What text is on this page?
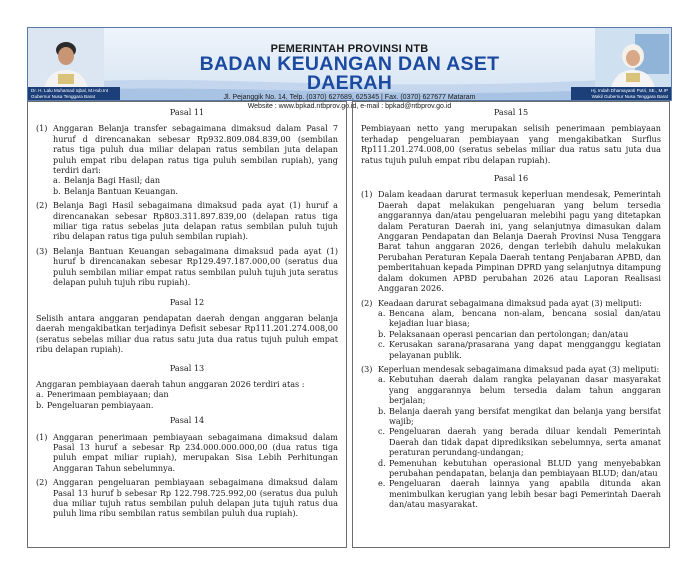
PEMERINTAH PROVINSI NTB
BADAN KEUANGAN DAN ASET DAERAH
Jl. Pejanggik No. 14, Telp. (0370) 627689, 625345 | Fax. (0370) 627677 Mataram
Website : www.bpkad.ntbprov.go.id, e-mail : bpkad@ntbprov.go.id
Dr. H. Lalu Muhamad Iqbal, M.Hub.Int
Gubernur Nusa Tenggara Barat
Hj. Indah Dhamayanti Putri, SE., M.IP
Wakil Gubernur Nusa Tenggara Barat
Pasal 11
(1) Anggaran Belanja transfer sebagaimana dimaksud dalam Pasal 7 huruf d direncanakan sebesar Rp932.809.084.839,00 (sembilan ratus tiga puluh dua miliar delapan ratus sembilan juta delapan puluh empat ribu delapan ratus tiga puluh sembilan rupiah), yang terdiri dari:
a. Belanja Bagi Hasil; dan
b. Belanja Bantuan Keuangan.
(2) Belanja Bagi Hasil sebagaimana dimaksud pada ayat (1) huruf a direncanakan sebesar Rp803.311.897.839,00 (delapan ratus tiga miliar tiga ratus sebelas juta delapan ratus sembilan puluh tujuh ribu delapan ratus tiga puluh sembilan rupiah).
(3) Belanja Bantuan Keuangan sebagaimana dimaksud pada ayat (1) huruf b direncanakan sebesar Rp129.497.187.000,00 (seratus dua puluh sembilan miliar empat ratus sembilan puluh tujuh juta seratus delapan puluh tujuh ribu rupiah).
Pasal 12
Selisih antara anggaran pendapatan daerah dengan anggaran belanja daerah mengakibatkan terjadinya Defisit sebesar Rp111.201.274.008,00 (seratus sebelas miliar dua ratus satu juta dua ratus tujuh puluh empat ribu delapan rupiah).
Pasal 13
Anggaran pembiayaan daerah tahun anggaran 2026 terdiri atas :
a. Penerimaan pembiayaan; dan
b. Pengeluaran pembiayaan.
Pasal 14
(1) Anggaran penerimaan pembiayaan sebagaimana dimaksud dalam Pasal 13 huruf a sebesar Rp 234.000.000.000,00 (dua ratus tiga puluh empat miliar rupiah), merupakan Sisa Lebih Perhitungan Anggaran Tahun sebelumnya.
(2) Anggaran pengeluaran pembiayaan sebagaimana dimaksud dalam Pasal 13 huruf b sebesar Rp 122.798.725.992,00 (seratus dua puluh dua miliar tujuh ratus sembilan puluh delapan juta tujuh ratus dua puluh lima ribu sembilan ratus sembilan puluh dua rupiah).
Pasal 15
Pembiayaan netto yang merupakan selisih penerimaan pembiayaan terhadap pengeluaran pembiayaan yang mengakibatkan Surflus Rp111.201.274.008,00 (seratus sebelas miliar dua ratus satu juta dua ratus tujuh puluh empat ribu delapan rupiah).
Pasal 16
(1) Dalam keadaan darurat termasuk keperluan mendesak, Pemerintah Daerah dapat melakukan pengeluaran yang belum tersedia anggarannya dan/atau pengeluaran melebihi pagu yang ditetapkan dalam Peraturan Daerah ini, yang selanjutnya dimasukan dalam Anggaran Pendapatan dan Belanja Daerah Provinsi Nusa Tenggara Barat tahun anggaran 2026, dengan terlebih dahulu melakukan Perubahan Peraturan Kepala Daerah tentang Penjabaran APBD, dan pemberitahuan kepada Pimpinan DPRD yang selanjutnya ditampung dalam dokumen APBD perubahan 2026 atau Laporan Realisasi Anggaran 2026.
(2) Keadaan darurat sebagaimana dimaksud pada ayat (3) meliputi:
a. Bencana alam, bencana non-alam, bencana sosial dan/atau kejadian luar biasa;
b. Pelaksanaan operasi pencarian dan pertolongan; dan/atau
c. Kerusakan sarana/prasarana yang dapat mengganggu kegiatan pelayanan publik.
(3) Keperluan mendesak sebagaimana dimaksud pada ayat (3) meliputi:
a. Kebutuhan daerah dalam rangka pelayanan dasar masyarakat yang anggarannya belum tersedia dalam tahun anggaran berjalan;
b. Belanja daerah yang bersifat mengikat dan belanja yang bersifat wajib;
c. Pengeluaran daerah yang berada diluar kendali Pemerintah Daerah dan tidak dapat diprediksikan sebelumnya, serta amanat peraturan perundang-undangan;
d. Pemenuhan kebutuhan operasional BLUD yang menyebabkan perubahan pendapatan, belanja dan pembiayaan BLUD; dan/atau
e. Pengeluaran daerah lainnya yang apabila ditunda akan menimbulkan kerugian yang lebih besar bagi Pemerintah Daerah dan/atau masyarakat.
